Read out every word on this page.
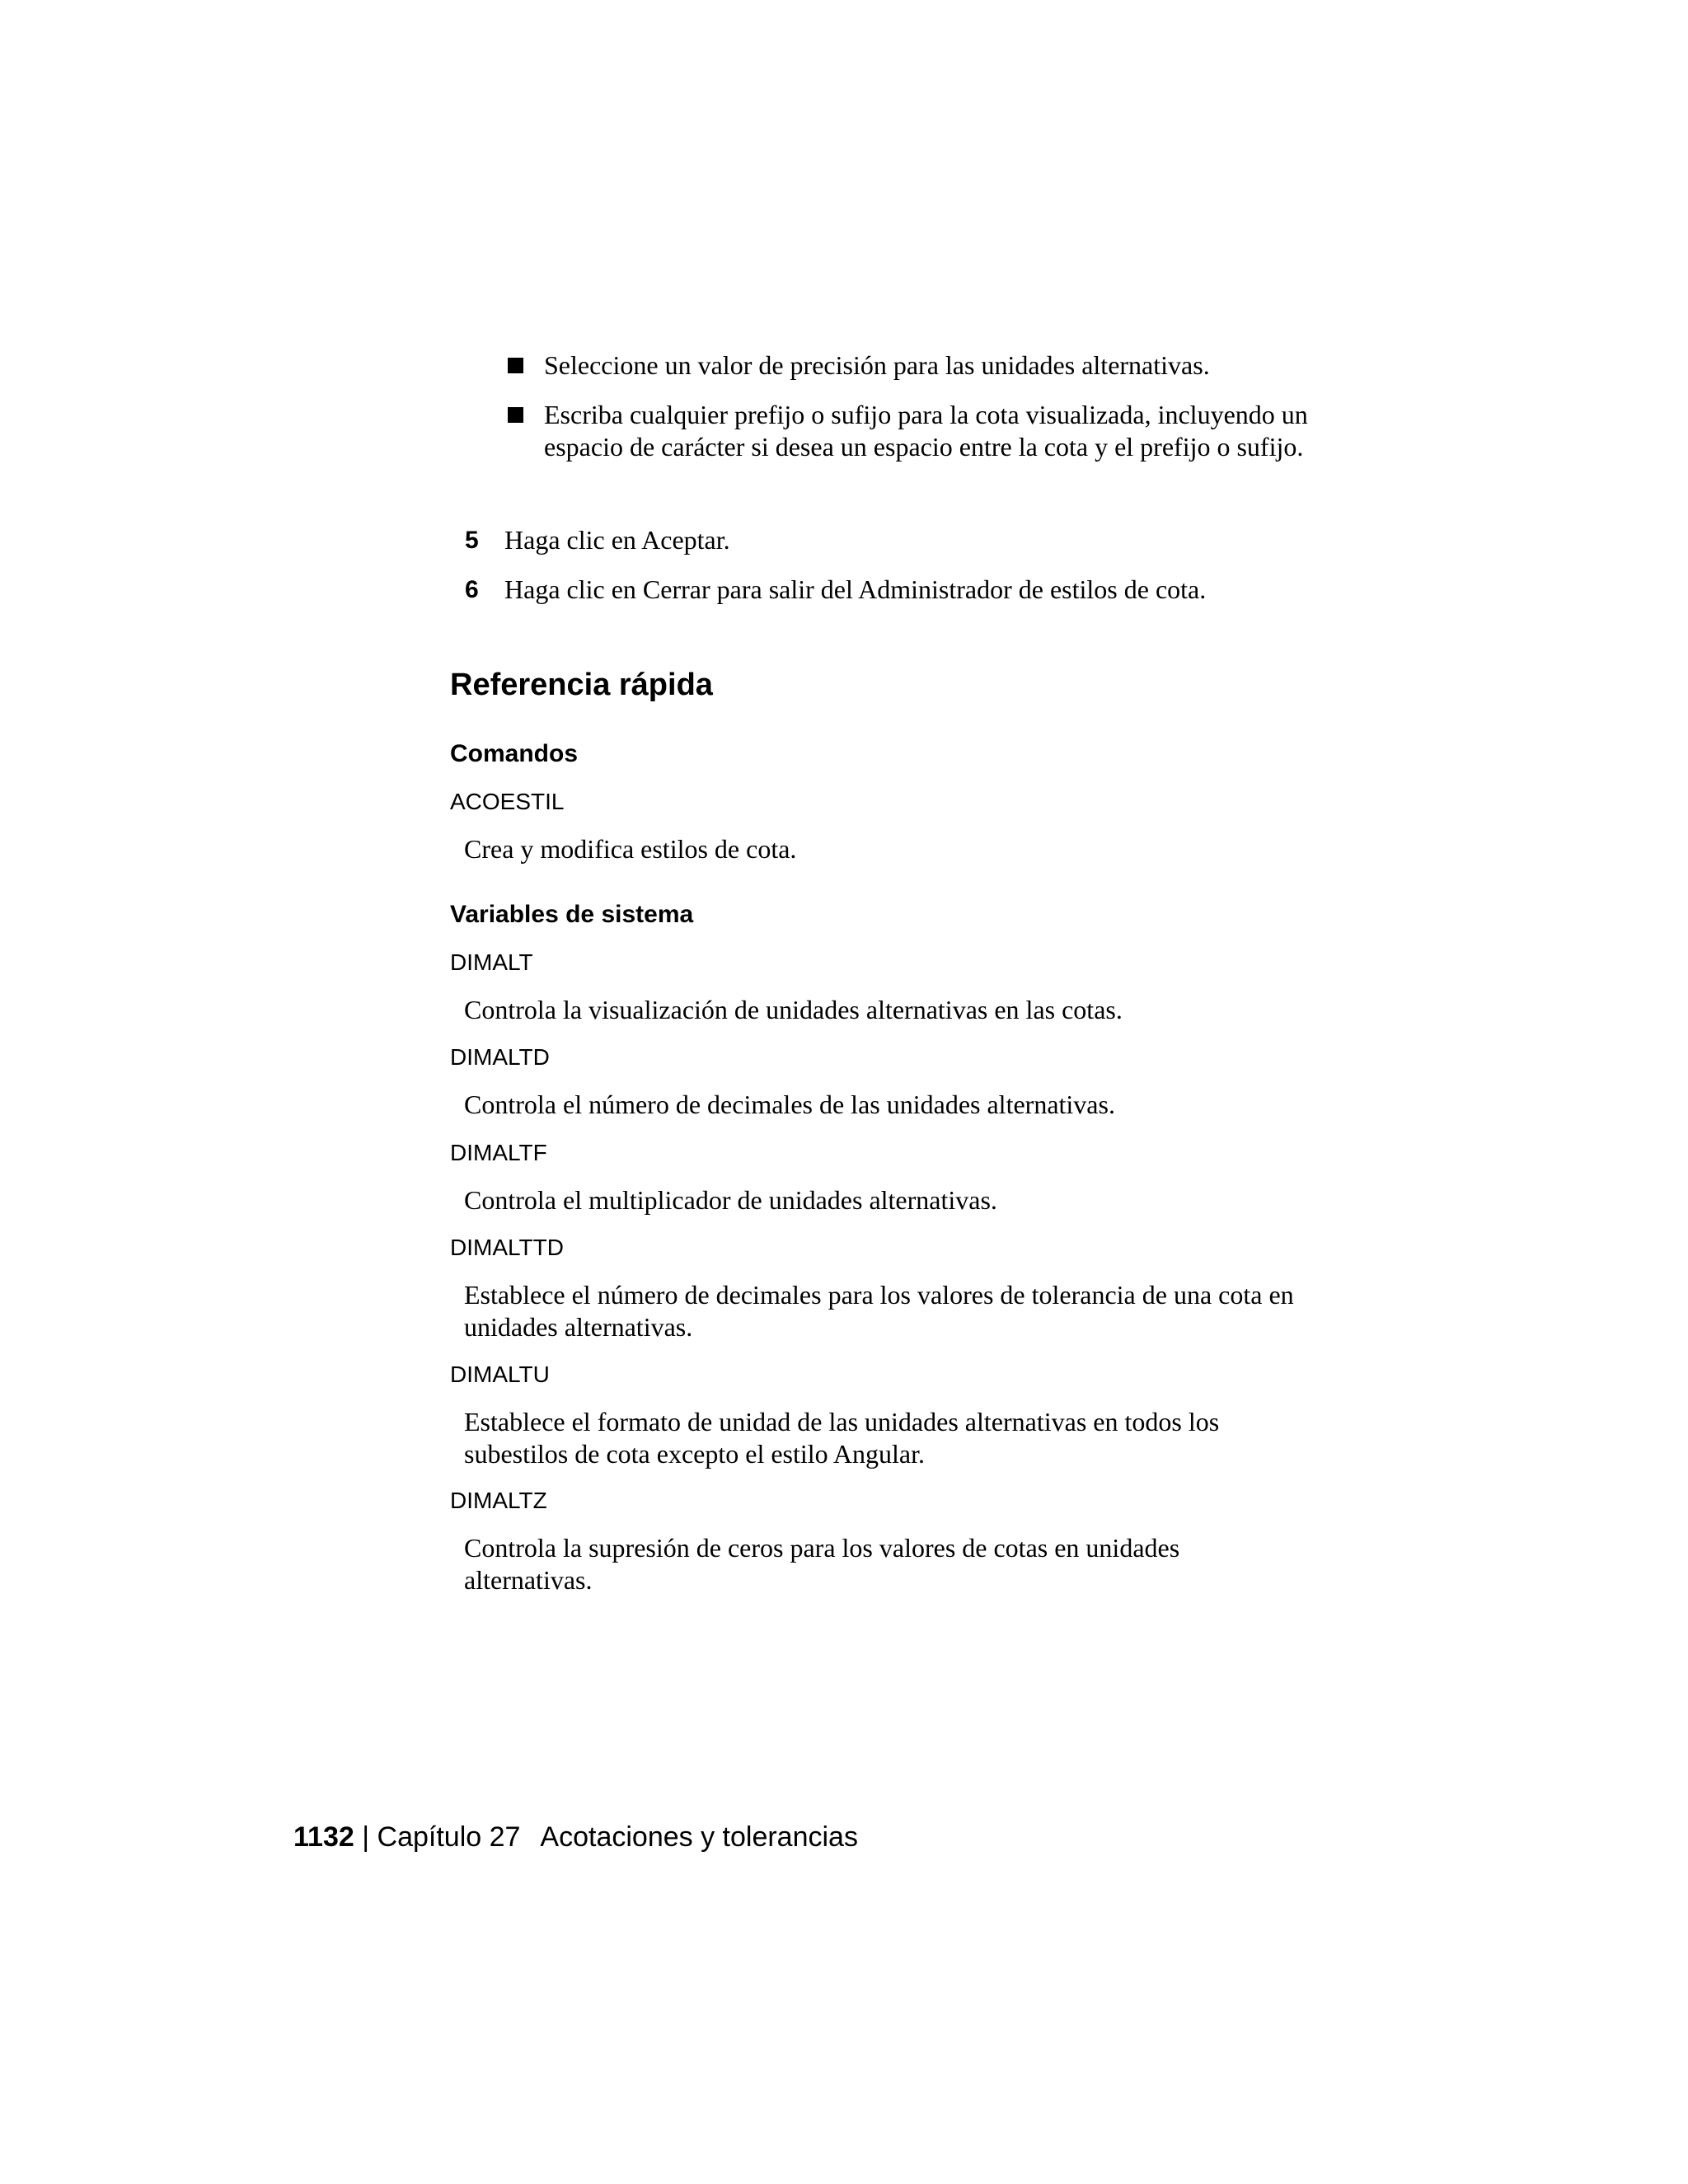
Seleccione un valor de precisión para las unidades alternativas.
Escriba cualquier prefijo o sufijo para la cota visualizada, incluyendo un espacio de carácter si desea un espacio entre la cota y el prefijo o sufijo.
5 Haga clic en Aceptar.
6 Haga clic en Cerrar para salir del Administrador de estilos de cota.
Referencia rápida
Comandos
ACOESTIL
Crea y modifica estilos de cota.
Variables de sistema
DIMALT
Controla la visualización de unidades alternativas en las cotas.
DIMALTD
Controla el número de decimales de las unidades alternativas.
DIMALTF
Controla el multiplicador de unidades alternativas.
DIMALTTD
Establece el número de decimales para los valores de tolerancia de una cota en unidades alternativas.
DIMALTU
Establece el formato de unidad de las unidades alternativas en todos los subestilos de cota excepto el estilo Angular.
DIMALTZ
Controla la supresión de ceros para los valores de cotas en unidades alternativas.
1132 | Capítulo 27 Acotaciones y tolerancias
